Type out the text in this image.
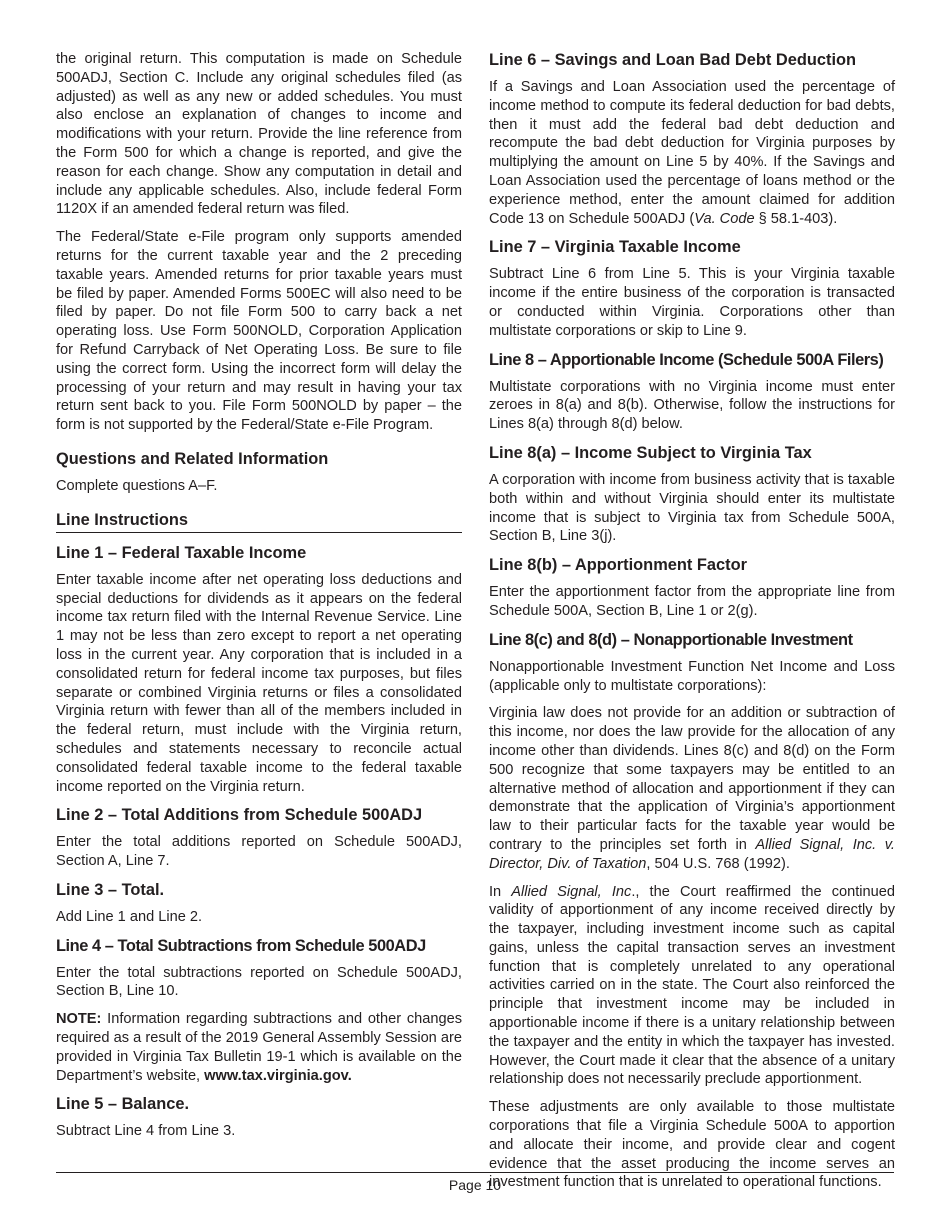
the original return. This computation is made on Schedule 500ADJ, Section C. Include any original schedules filed (as adjusted) as well as any new or added schedules. You must also enclose an explanation of changes to income and modifications with your return. Provide the line reference from the Form 500 for which a change is reported, and give the reason for each change. Show any computation in detail and include any applicable schedules. Also, include federal Form 1120X if an amended federal return was filed.

The Federal/State e-File program only supports amended returns for the current taxable year and the 2 preceding taxable years. Amended returns for prior taxable years must be filed by paper. Amended Forms 500EC will also need to be filed by paper. Do not file Form 500 to carry back a net operating loss. Use Form 500NOLD, Corporation Application for Refund Carryback of Net Operating Loss. Be sure to file using the correct form. Using the incorrect form will delay the processing of your return and may result in having your tax return sent back to you. File Form 500NOLD by paper – the form is not supported by the Federal/State e-File Program.

Questions and Related Information

Complete questions A–F.

Line Instructions
Line 1 – Federal Taxable Income

Enter taxable income after net operating loss deductions and special deductions for dividends as it appears on the federal income tax return filed with the Internal Revenue Service. Line 1 may not be less than zero except to report a net operating loss in the current year. Any corporation that is included in a consolidated return for federal income tax purposes, but files separate or combined Virginia returns or files a consolidated Virginia return with fewer than all of the members included in the federal return, must include with the Virginia return, schedules and statements necessary to reconcile actual consolidated federal taxable income to the federal taxable income reported on the Virginia return.

Line 2 – Total Additions from Schedule 500ADJ

Enter the total additions reported on Schedule 500ADJ, Section A, Line 7.

Line 3 – Total.

Add Line 1 and Line 2.

Line 4 – Total Subtractions from Schedule 500ADJ

Enter the total subtractions reported on Schedule 500ADJ, Section B, Line 10.

NOTE: Information regarding subtractions and other changes required as a result of the 2019 General Assembly Session are provided in Virginia Tax Bulletin 19-1 which is available on the Department’s website, www.tax.virginia.gov.

Line 5 – Balance.

Subtract Line 4 from Line 3.

Line 6 – Savings and Loan Bad Debt Deduction

If a Savings and Loan Association used the percentage of income method to compute its federal deduction for bad debts, then it must add the federal bad debt deduction and recompute the bad debt deduction for Virginia purposes by multiplying the amount on Line 5 by 40%. If the Savings and Loan Association used the percentage of loans method or the experience method, enter the amount claimed for addition Code 13 on Schedule 500ADJ (Va. Code § 58.1-403).

Line 7 – Virginia Taxable Income

Subtract Line 6 from Line 5. This is your Virginia taxable income if the entire business of the corporation is transacted or conducted within Virginia. Corporations other than multistate corporations or skip to Line 9.

Line 8 – Apportionable Income (Schedule 500A Filers)

Multistate corporations with no Virginia income must enter zeroes in 8(a) and 8(b). Otherwise, follow the instructions for Lines 8(a) through 8(d) below.

Line 8(a) – Income Subject to Virginia Tax

A corporation with income from business activity that is taxable both within and without Virginia should enter its multistate income that is subject to Virginia tax from Schedule 500A, Section B, Line 3(j).

Line 8(b) – Apportionment Factor

Enter the apportionment factor from the appropriate line from Schedule 500A, Section B, Line 1 or 2(g).

Line 8(c) and 8(d) – Nonapportionable Investment

Nonapportionable Investment Function Net Income and Loss (applicable only to multistate corporations):

Virginia law does not provide for an addition or subtraction of this income, nor does the law provide for the allocation of any income other than dividends. Lines 8(c) and 8(d) on the Form 500 recognize that some taxpayers may be entitled to an alternative method of allocation and apportionment if they can demonstrate that the application of Virginia’s apportionment law to their particular facts for the taxable year would be contrary to the principles set forth in Allied Signal, Inc. v. Director, Div. of Taxation, 504 U.S. 768 (1992).

In Allied Signal, Inc., the Court reaffirmed the continued validity of apportionment of any income received directly by the taxpayer, including investment income such as capital gains, unless the capital transaction serves an investment function that is completely unrelated to any operational activities carried on in the state. The Court also reinforced the principle that investment income may be included in apportionable income if there is a unitary relationship between the taxpayer and the entity in which the taxpayer has invested. However, the Court made it clear that the absence of a unitary relationship does not necessarily preclude apportionment.

These adjustments are only available to those multistate corporations that file a Virginia Schedule 500A to apportion and allocate their income, and provide clear and cogent evidence that the asset producing the income serves an investment function that is unrelated to operational functions.

Page 10
